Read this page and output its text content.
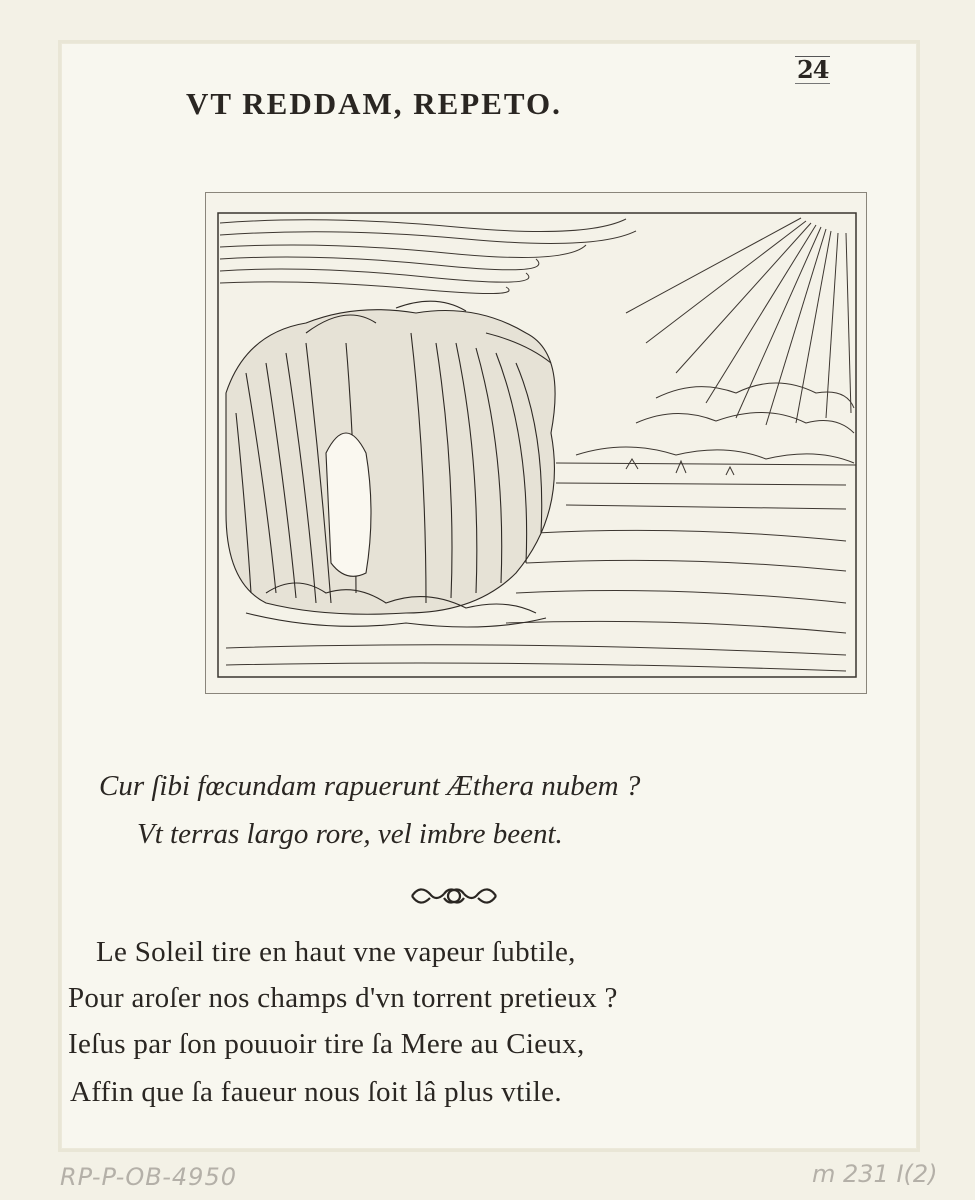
24
VT REDDAM, REPETO.
Cur ſibi fœcundam rapuerunt Æthera nubem ?
Vt terras largo rore, vel imbre beent.
Le Soleil tire en haut vne vapeur ſubtile,
Pour aroſer nos champs d'vn torrent pretieux ?
Ieſus par ſon pouuoir tire ſa Mere au Cieux,
Affin que ſa faueur nous ſoit lâ plus vtile.
RP-P-OB-4950	m 231 I(2)
